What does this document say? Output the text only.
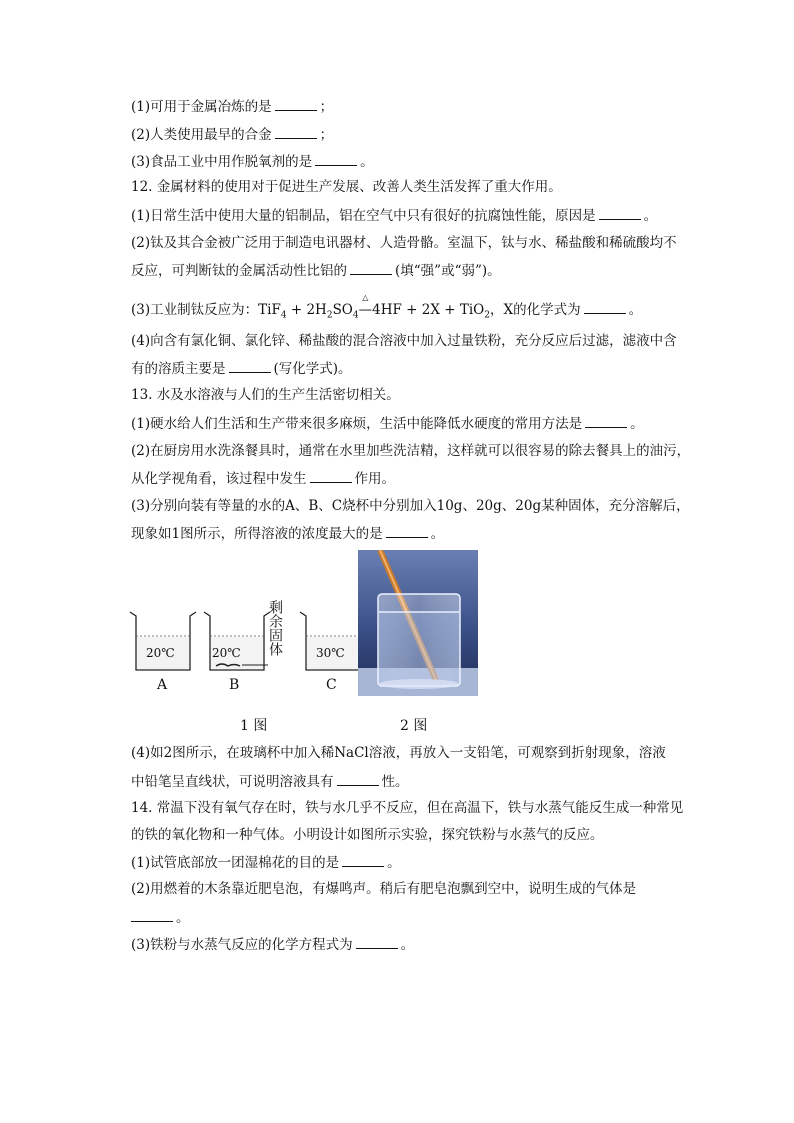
(1)可用于金属冶炼的是	；
(2)人类使用最早的合金	；
(3)食品工业中用作脱氧剂的是	。
12. 金属材料的使用对于促进生产发展、改善人类生活发挥了重大作用。
(1)日常生活中使用大量的铝制品，铝在空气中只有很好的抗腐蚀性能，原因是	。
(2)钛及其合金被广泛用于制造电讯器材、人造骨骼。室温下，钛与水、稀盐酸和稀硫酸均不
反应，可判断钛的金属活动性比铝的	(填“强”或“弱”)。
(3)工业制钛反应为：$TiF_4 + 2H_2SO_4$
△
—4HF + 2X + TiO$_2$，X的化学式为	。
(4)向含有氯化铜、氯化锌、稀盐酸的混合溶液中加入过量铁粉，充分反应后过滤，滤液中含
有的溶质主要是	(写化学式)。
13. 水及水溶液与人们的生产生活密切相关。
(1)硬水给人们生活和生产带来很多麻烦，生活中能降低水硬度的常用方法是	。
(2)在厨房用水洗涤餐具时，通常在水里加些洗洁精，这样就可以很容易的除去餐具上的油污，
从化学视角看，该过程中发生	作用。
(3)分别向装有等量的水的A、B、C烧杯中分别加入10g、20g、20g某种固体，充分溶解后，
现象如1图所示，所得溶液的浓度最大的是	。
20℃
A
20℃
B
剩余固体	30℃
C
1 图	2 图
(4)如2图所示，在玻璃杯中加入稀NaCl溶液，再放入一支铅笔，可观察到折射现象，溶液
中铅笔呈直线状，可说明溶液具有	性。
14. 常温下没有氧气存在时，铁与水几乎不反应，但在高温下，铁与水蒸气能反生成一种常见
的铁的氧化物和一种气体。小明设计如图所示实验，探究铁粉与水蒸气的反应。
(1)试管底部放一团湿棉花的目的是	。
(2)用燃着的木条靠近肥皂泡，有爆鸣声。稍后有肥皂泡飘到空中，说明生成的气体是
。
(3)铁粉与水蒸气反应的化学方程式为	。
